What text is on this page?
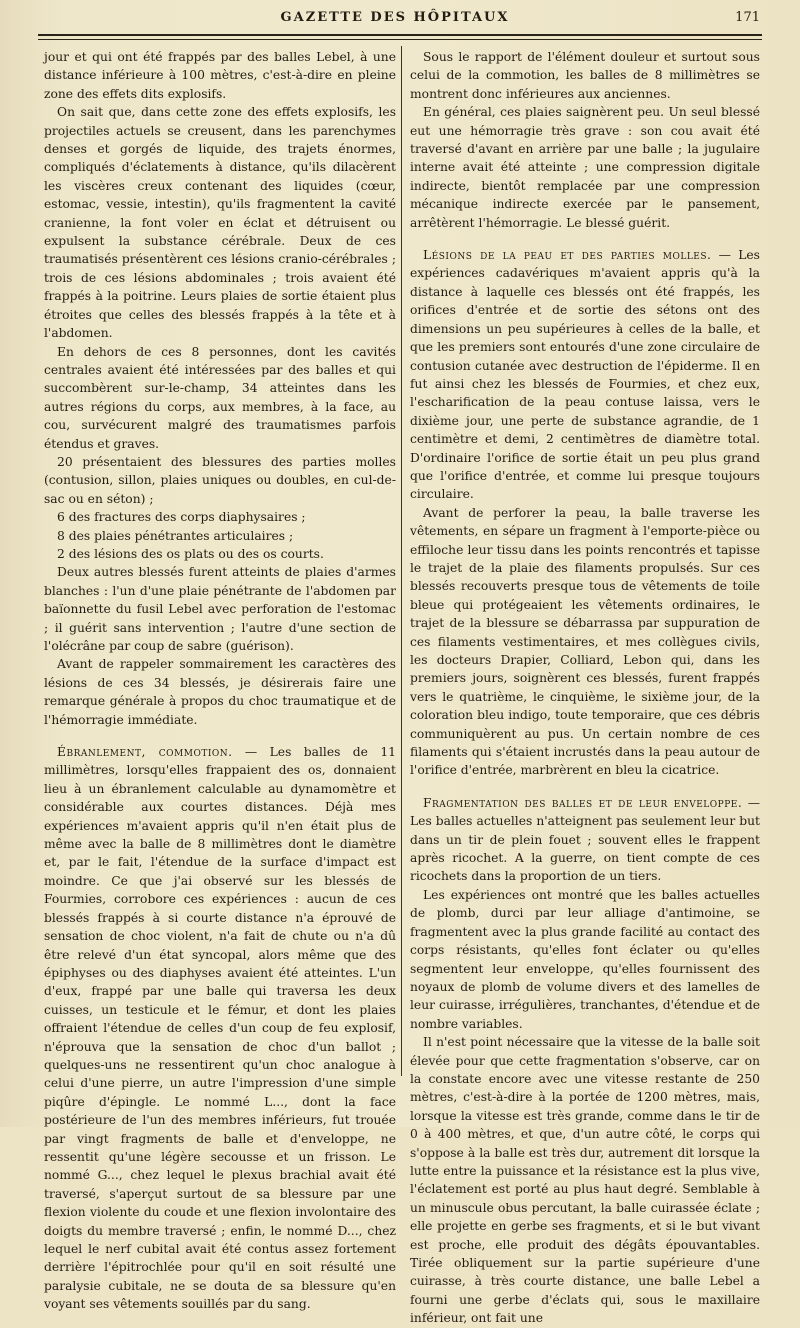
GAZETTE DES HÔPITAUX	171

jour et qui ont été frappés par des balles Lebel, à une distance inférieure à 100 mètres, c'est-à-dire en pleine zone des effets dits explosifs.

On sait que, dans cette zone des effets explosifs, les projectiles actuels se creusent, dans les parenchymes denses et gorgés de liquide, des trajets énormes, compliqués d'éclatements à distance, qu'ils dilacèrent les viscères creux contenant des liquides (cœur, estomac, vessie, intestin), qu'ils fragmentent la cavité cranienne, la font voler en éclat et détruisent ou expulsent la substance cérébrale. Deux de ces traumatisés présentèrent ces lésions cranio-cérébrales ; trois de ces lésions abdominales ; trois avaient été frappés à la poitrine. Leurs plaies de sortie étaient plus étroites que celles des blessés frappés à la tête et à l'abdomen.

En dehors de ces 8 personnes, dont les cavités centrales avaient été intéressées par des balles et qui succombèrent sur-le-champ, 34 atteintes dans les autres régions du corps, aux membres, à la face, au cou, survécurent malgré des traumatismes parfois étendus et graves.

20 présentaient des blessures des parties molles (contusion, sillon, plaies uniques ou doubles, en cul-de-sac ou en séton) ;

6 des fractures des corps diaphysaires ;

8 des plaies pénétrantes articulaires ;

2 des lésions des os plats ou des os courts.

Deux autres blessés furent atteints de plaies d'armes blanches : l'un d'une plaie pénétrante de l'abdomen par baïonnette du fusil Lebel avec perforation de l'estomac ; il guérit sans intervention ; l'autre d'une section de l'olécrâne par coup de sabre (guérison).

Avant de rappeler sommairement les caractères des lésions de ces 34 blessés, je désirerais faire une remarque générale à propos du choc traumatique et de l'hémorragie immédiate.

Ébranlement, commotion. — Les balles de 11 millimètres, lorsqu'elles frappaient des os, donnaient lieu à un ébranlement calculable au dynamomètre et considérable aux courtes distances. Déjà mes expériences m'avaient appris qu'il n'en était plus de même avec la balle de 8 millimètres dont le diamètre et, par le fait, l'étendue de la surface d'impact est moindre. Ce que j'ai observé sur les blessés de Fourmies, corrobore ces expériences : aucun de ces blessés frappés à si courte distance n'a éprouvé de sensation de choc violent, n'a fait de chute ou n'a dû être relevé d'un état syncopal, alors même que des épiphyses ou des diaphyses avaient été atteintes. L'un d'eux, frappé par une balle qui traversa les deux cuisses, un testicule et le fémur, et dont les plaies offraient l'étendue de celles d'un coup de feu explosif, n'éprouva que la sensation de choc d'un ballot ; quelques-uns ne ressentirent qu'un choc analogue à celui d'une pierre, un autre l'impression d'une simple piqûre d'épingle. Le nommé L..., dont la face postérieure de l'un des membres inférieurs, fut trouée par vingt fragments de balle et d'enveloppe, ne ressentit qu'une légère secousse et un frisson. Le nommé G..., chez lequel le plexus brachial avait été traversé, s'aperçut surtout de sa blessure par une flexion violente du coude et une flexion involontaire des doigts du membre traversé ; enfin, le nommé D..., chez lequel le nerf cubital avait été contus assez fortement derrière l'épitrochlée pour qu'il en soit résulté une paralysie cubitale, ne se douta de sa blessure qu'en voyant ses vêtements souillés par du sang.

Sous le rapport de l'élément douleur et surtout sous celui de la commotion, les balles de 8 millimètres se montrent donc inférieures aux anciennes.

En général, ces plaies saignèrent peu. Un seul blessé eut une hémorragie très grave : son cou avait été traversé d'avant en arrière par une balle ; la jugulaire interne avait été atteinte ; une compression digitale indirecte, bientôt remplacée par une compression mécanique indirecte exercée par le pansement, arrêtèrent l'hémorragie. Le blessé guérit.

Lésions de la peau et des parties molles. — Les expériences cadavériques m'avaient appris qu'à la distance à laquelle ces blessés ont été frappés, les orifices d'entrée et de sortie des sétons ont des dimensions un peu supérieures à celles de la balle, et que les premiers sont entourés d'une zone circulaire de contusion cutanée avec destruction de l'épiderme. Il en fut ainsi chez les blessés de Fourmies, et chez eux, l'escharification de la peau contuse laissa, vers le dixième jour, une perte de substance agrandie, de 1 centimètre et demi, 2 centimètres de diamètre total. D'ordinaire l'orifice de sortie était un peu plus grand que l'orifice d'entrée, et comme lui presque toujours circulaire.

Avant de perforer la peau, la balle traverse les vêtements, en sépare un fragment à l'emporte-pièce ou effiloche leur tissu dans les points rencontrés et tapisse le trajet de la plaie des filaments propulsés. Sur ces blessés recouverts presque tous de vêtements de toile bleue qui protégeaient les vêtements ordinaires, le trajet de la blessure se débarrassa par suppuration de ces filaments vestimentaires, et mes collègues civils, les docteurs Drapier, Colliard, Lebon qui, dans les premiers jours, soignèrent ces blessés, furent frappés vers le quatrième, le cinquième, le sixième jour, de la coloration bleu indigo, toute temporaire, que ces débris communiquèrent au pus. Un certain nombre de ces filaments qui s'étaient incrustés dans la peau autour de l'orifice d'entrée, marbrèrent en bleu la cicatrice.

Fragmentation des balles et de leur enveloppe. — Les balles actuelles n'atteignent pas seulement leur but dans un tir de plein fouet ; souvent elles le frappent après ricochet. A la guerre, on tient compte de ces ricochets dans la proportion de un tiers.

Les expériences ont montré que les balles actuelles de plomb, durci par leur alliage d'antimoine, se fragmentent avec la plus grande facilité au contact des corps résistants, qu'elles font éclater ou qu'elles segmentent leur enveloppe, qu'elles fournissent des noyaux de plomb de volume divers et des lamelles de leur cuirasse, irrégulières, tranchantes, d'étendue et de nombre variables.

Il n'est point nécessaire que la vitesse de la balle soit élevée pour que cette fragmentation s'observe, car on la constate encore avec une vitesse restante de 250 mètres, c'est-à-dire à la portée de 1200 mètres, mais, lorsque la vitesse est très grande, comme dans le tir de 0 à 400 mètres, et que, d'un autre côté, le corps qui s'oppose à la balle est très dur, autrement dit lorsque la lutte entre la puissance et la résistance est la plus vive, l'éclatement est porté au plus haut degré. Semblable à un minuscule obus percutant, la balle cuirassée éclate ; elle projette en gerbe ses fragments, et si le but vivant est proche, elle produit des dégâts épouvantables. Tirée obliquement sur la partie supérieure d'une cuirasse, à très courte distance, une balle Lebel a fourni une gerbe d'éclats qui, sous le maxillaire inférieur, ont fait une
